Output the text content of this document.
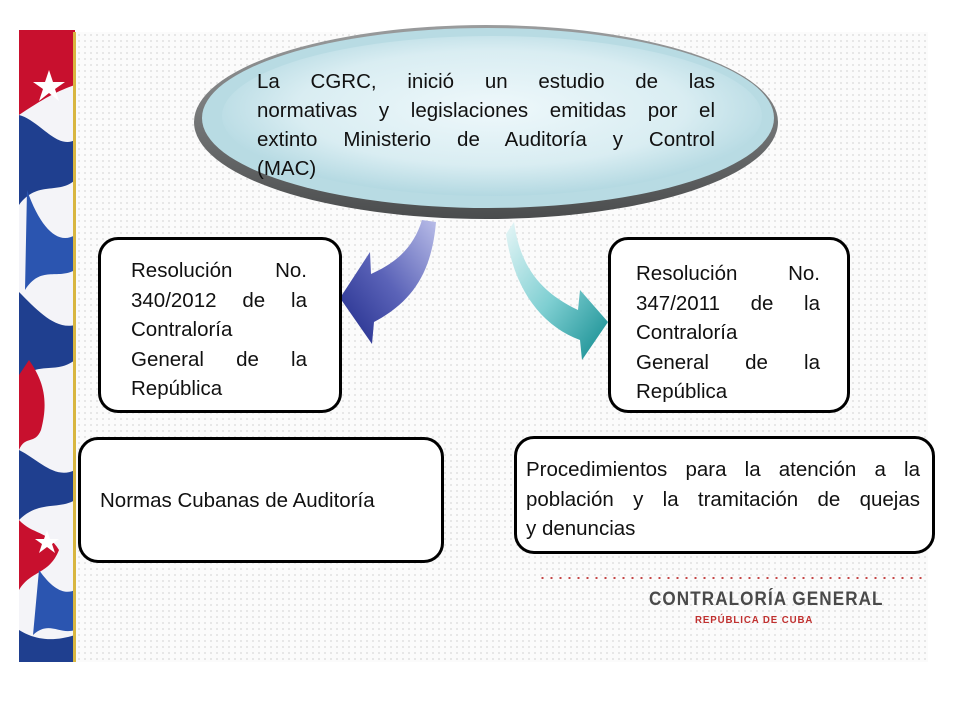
La CGRC, inició un estudio de las
normativas y legislaciones emitidas por el
extinto Ministerio de Auditoría y Control
(MAC)
Resolución No.
340/2012 de la
Contraloría
General de la
República
Resolución No.
347/2011 de la
Contraloría
General de la
República
Normas Cubanas de Auditoría
Procedimientos para la atención a la
población y la tramitación de quejas
y denuncias
CONTRALORÍA GENERAL
REPÚBLICA DE CUBA
